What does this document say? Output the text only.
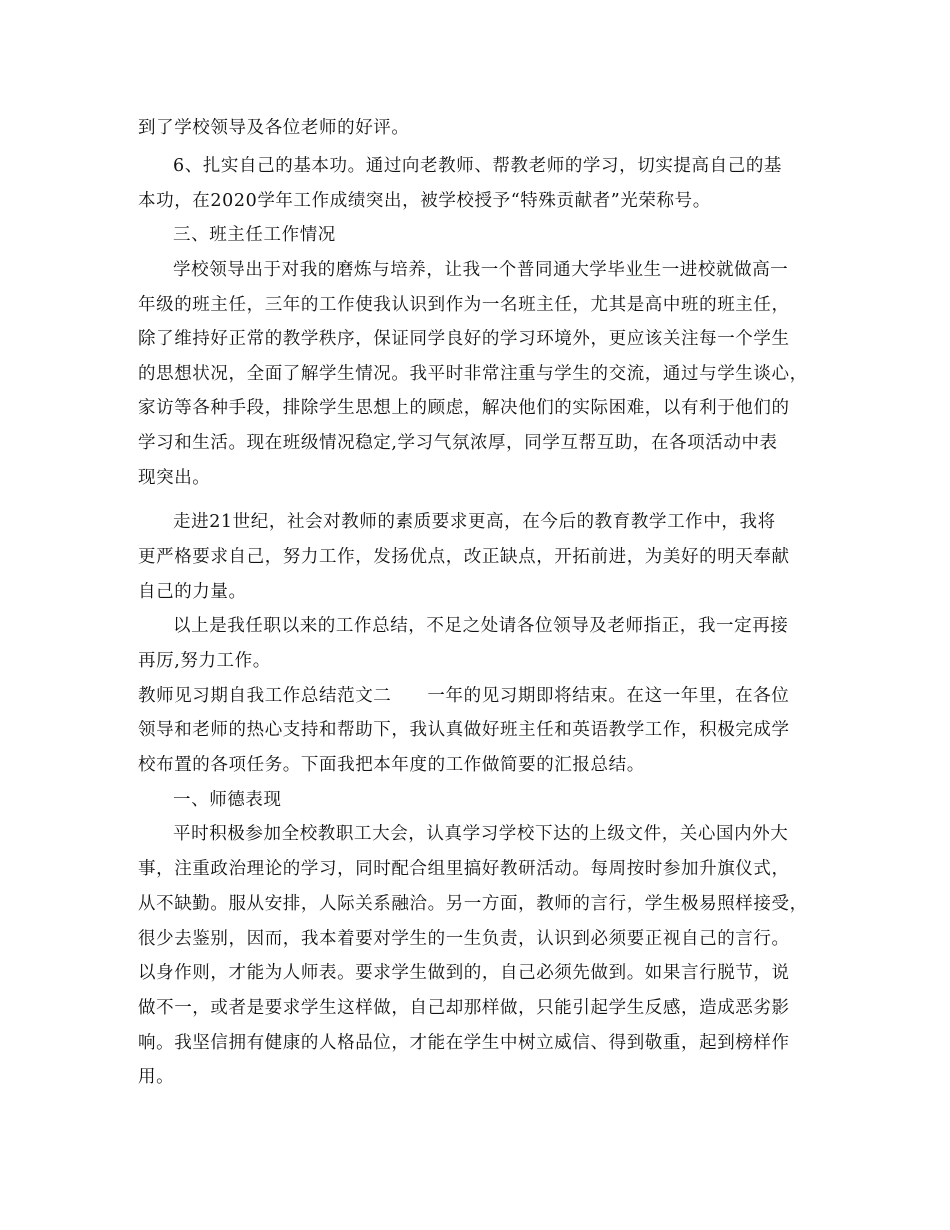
到了学校领导及各位老师的好评。
6、扎实自己的基本功。通过向老教师、帮教老师的学习，切实提高自己的基
本功，在2020学年工作成绩突出，被学校授予“特殊贡献者”光荣称号。
三、班主任工作情况
学校领导出于对我的磨炼与培养，让我一个普同通大学毕业生一进校就做高一
年级的班主任，三年的工作使我认识到作为一名班主任，尤其是高中班的班主任，
除了维持好正常的教学秩序，保证同学良好的学习环境外，更应该关注每一个学生
的思想状况，全面了解学生情况。我平时非常注重与学生的交流，通过与学生谈心，
家访等各种手段，排除学生思想上的顾虑，解决他们的实际困难，以有利于他们的
学习和生活。现在班级情况稳定,学习气氛浓厚，同学互帮互助，在各项活动中表
现突出。
走进21世纪，社会对教师的素质要求更高，在今后的教育教学工作中，我将
更严格要求自己，努力工作，发扬优点，改正缺点，开拓前进，为美好的明天奉献
自己的力量。
以上是我任职以来的工作总结，不足之处请各位领导及老师指正，我一定再接
再厉,努力工作。
教师见习期自我工作总结范文二 一年的见习期即将结束。在这一年里，在各位
领导和老师的热心支持和帮助下，我认真做好班主任和英语教学工作，积极完成学
校布置的各项任务。下面我把本年度的工作做简要的汇报总结。
一、师德表现
平时积极参加全校教职工大会，认真学习学校下达的上级文件，关心国内外大
事，注重政治理论的学习，同时配合组里搞好教研活动。每周按时参加升旗仪式，
从不缺勤。服从安排，人际关系融洽。另一方面，教师的言行，学生极易照样接受，
很少去鉴别，因而，我本着要对学生的一生负责，认识到必须要正视自己的言行。
以身作则，才能为人师表。要求学生做到的，自己必须先做到。如果言行脱节，说
做不一，或者是要求学生这样做，自己却那样做，只能引起学生反感，造成恶劣影
响。我坚信拥有健康的人格品位，才能在学生中树立威信、得到敬重，起到榜样作
用。
